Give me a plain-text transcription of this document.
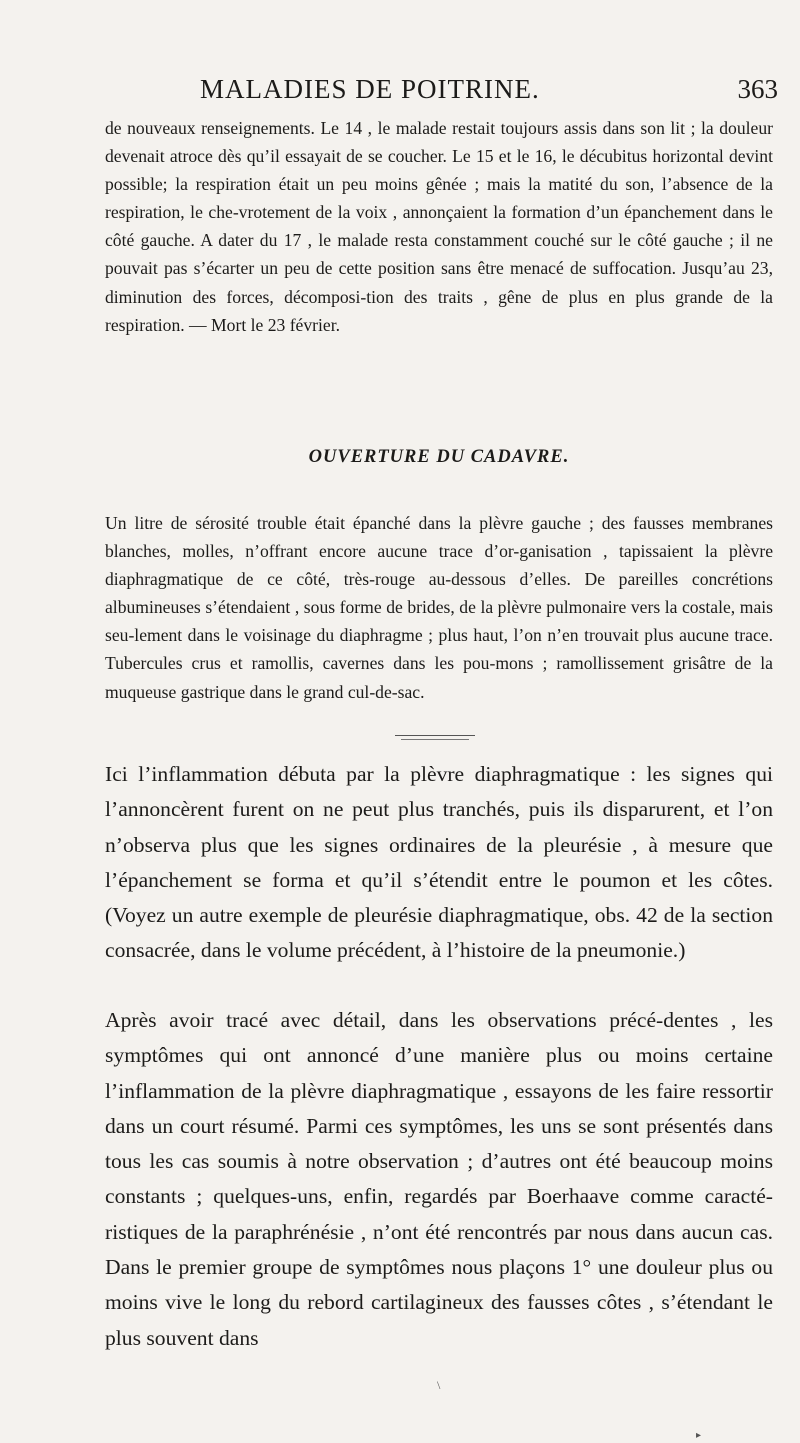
MALADIES DE POITRINE.	363

de nouveaux renseignements. Le 14 , le malade restait toujours assis dans son lit ; la douleur devenait atroce dès qu’il essayait de se coucher. Le 15 et le 16, le décubitus horizontal devint possible; la respiration était un peu moins gênée ; mais la matité du son, l’absence de la respiration, le che-vrotement de la voix , annonçaient la formation d’un épanchement dans le côté gauche. A dater du 17 , le malade resta constamment couché sur le côté gauche ; il ne pouvait pas s’écarter un peu de cette position sans être menacé de suffocation. Jusqu’au 23, diminution des forces, décomposi-tion des traits , gêne de plus en plus grande de la respiration. — Mort le 23 février.

OUVERTURE DU CADAVRE.

Un litre de sérosité trouble était épanché dans la plèvre gauche ; des fausses membranes blanches, molles, n’offrant encore aucune trace d’or-ganisation , tapissaient la plèvre diaphragmatique de ce côté, très-rouge au-dessous d’elles. De pareilles concrétions albumineuses s’étendaient , sous forme de brides, de la plèvre pulmonaire vers la costale, mais seu-lement dans le voisinage du diaphragme ; plus haut, l’on n’en trouvait plus aucune trace. Tubercules crus et ramollis, cavernes dans les pou-mons ; ramollissement grisâtre de la muqueuse gastrique dans le grand cul-de-sac.

Ici l’inflammation débuta par la plèvre diaphragmatique : les signes qui l’annoncèrent furent on ne peut plus tranchés, puis ils disparurent, et l’on n’observa plus que les signes ordinaires de la pleurésie , à mesure que l’épanchement se forma et qu’il s’étendit entre le poumon et les côtes. (Voyez un autre exemple de pleurésie diaphragmatique, obs. 42 de la section consacrée, dans le volume précédent, à l’histoire de la pneumonie.)

Après avoir tracé avec détail, dans les observations précé-dentes , les symptômes qui ont annoncé d’une manière plus ou moins certaine l’inflammation de la plèvre diaphragmatique , essayons de les faire ressortir dans un court résumé. Parmi ces symptômes, les uns se sont présentés dans tous les cas soumis à notre observation ; d’autres ont été beaucoup moins constants ; quelques-uns, enfin, regardés par Boerhaave comme caracté-ristiques de la paraphrénésie , n’ont été rencontrés par nous dans aucun cas. Dans le premier groupe de symptômes nous plaçons 1° une douleur plus ou moins vive le long du rebord cartilagineux des fausses côtes , s’étendant le plus souvent dans

\
▸
